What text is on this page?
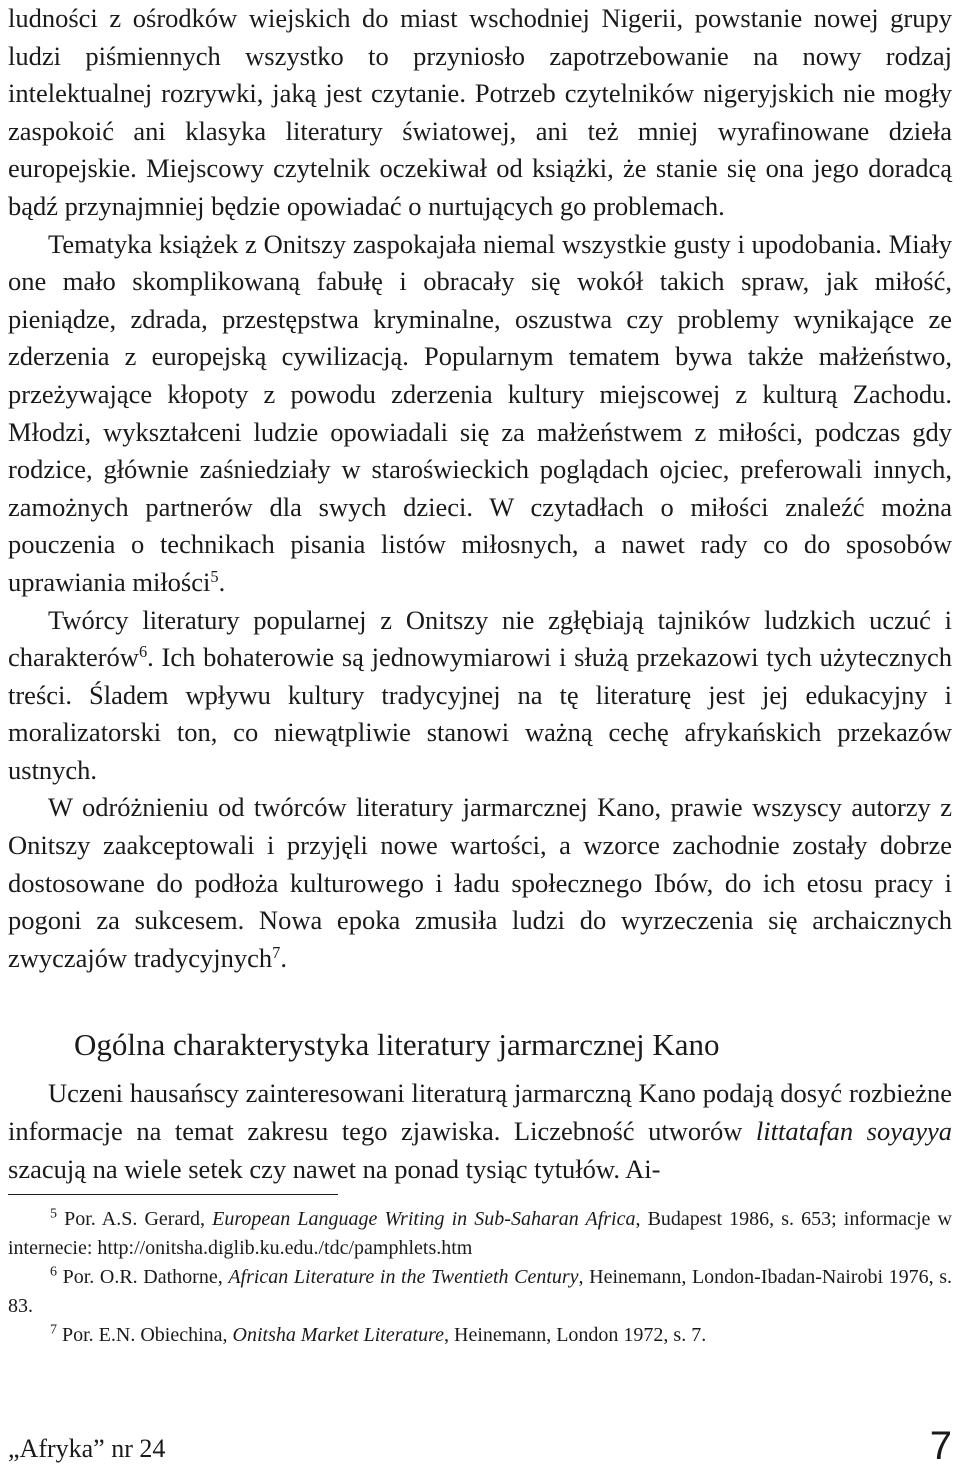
ludności z ośrodków wiejskich do miast wschodniej Nigerii, powstanie nowej grupy ludzi piśmiennych wszystko to przyniosło zapotrzebowanie na nowy rodzaj intelektualnej rozrywki, jaką jest czytanie. Potrzeb czytelników nigeryjskich nie mogły zaspokoić ani klasyka literatury światowej, ani też mniej wyrafinowane dzieła europejskie. Miejscowy czytelnik oczekiwał od książki, że stanie się ona jego doradcą bądź przynajmniej będzie opowiadać o nurtujących go problemach.

Tematyka książek z Onitszy zaspokajała niemal wszystkie gusty i upodobania. Miały one mało skomplikowaną fabułę i obracały się wokół takich spraw, jak miłość, pieniądze, zdrada, przestępstwa kryminalne, oszustwa czy problemy wynikające ze zderzenia z europejską cywilizacją. Popularnym tematem bywa także małżeństwo, przeżywające kłopoty z powodu zderzenia kultury miejscowej z kulturą Zachodu. Młodzi, wykształceni ludzie opowiadali się za małżeństwem z miłości, podczas gdy rodzice, głównie zaśniedziały w staroświeckich poglądach ojciec, preferowali innych, zamożnych partnerów dla swych dzieci. W czytadłach o miłości znaleźć można pouczenia o technikach pisania listów miłosnych, a nawet rady co do sposobów uprawiania miłości$^5$.

Twórcy literatury popularnej z Onitszy nie zgłębiają tajników ludzkich uczuć i charakterów$^6$. Ich bohaterowie są jednowymiarowi i służą przekazowi tych użytecznych treści. Śladem wpływu kultury tradycyjnej na tę literaturę jest jej edukacyjny i moralizatorski ton, co niewątpliwie stanowi ważną cechę afrykańskich przekazów ustnych.

W odróżnieniu od twórców literatury jarmarcznej Kano, prawie wszyscy autorzy z Onitszy zaakceptowali i przyjęli nowe wartości, a wzorce zachodnie zostały dobrze dostosowane do podłoża kulturowego i ładu społecznego Ibów, do ich etosu pracy i pogoni za sukcesem. Nowa epoka zmusiła ludzi do wyrzeczenia się archaicznych zwyczajów tradycyjnych$^7$.

Ogólna charakterystyka literatury jarmarcznej Kano

Uczeni hausańscy zainteresowani literaturą jarmarczną Kano podają dosyć rozbieżne informacje na temat zakresu tego zjawiska. Liczebność utworów littatafan soyayya szacują na wiele setek czy nawet na ponad tysiąc tytułów. Ai-

$^5$ Por. A.S. Gerard, European Language Writing in Sub-Saharan Africa, Budapest 1986, s. 653; informacje w internecie: http://onitsha.diglib.ku.edu./tdc/pamphlets.htm

$^6$ Por. O.R. Dathorne, African Literature in the Twentieth Century, Heinemann, London-Ibadan-Nairobi 1976, s. 83.

$^7$ Por. E.N. Obiechina, Onitsha Market Literature, Heinemann, London 1972, s. 7.

„Afryka” nr 24	7
